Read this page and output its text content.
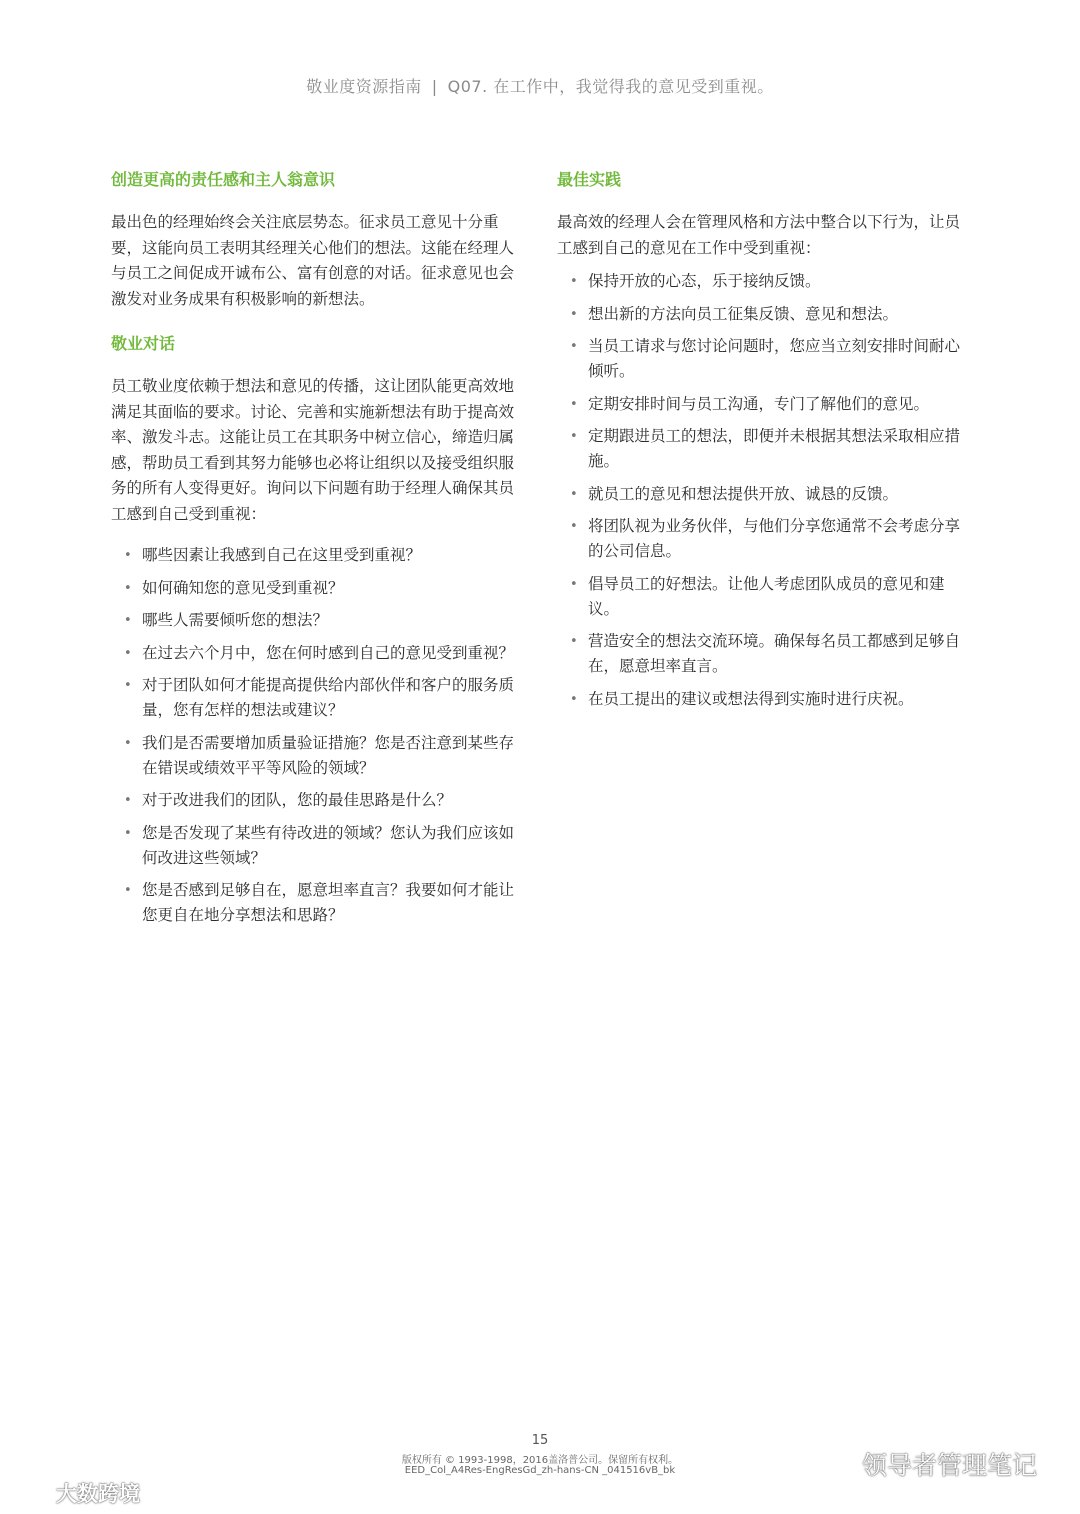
敬业度资源指南 | Q07. 在工作中，我觉得我的意见受到重视。
创造更高的责任感和主人翁意识

最出色的经理始终会关注底层势态。征求员工意见十分重要，这能向员工表明其经理关心他们的想法。这能在经理人与员工之间促成开诚布公、富有创意的对话。征求意见也会激发对业务成果有积极影响的新想法。

敬业对话

员工敬业度依赖于想法和意见的传播，这让团队能更高效地满足其面临的要求。讨论、完善和实施新想法有助于提高效率、激发斗志。这能让员工在其职务中树立信心，缔造归属感，帮助员工看到其努力能够也必将让组织以及接受组织服务的所有人变得更好。询问以下问题有助于经理人确保其员工感到自己受到重视：

• 哪些因素让我感到自己在这里受到重视？
• 如何确知您的意见受到重视？
• 哪些人需要倾听您的想法？
• 在过去六个月中，您在何时感到自己的意见受到重视？
• 对于团队如何才能提高提供给内部伙伴和客户的服务质量，您有怎样的想法或建议？
• 我们是否需要增加质量验证措施？您是否注意到某些存在错误或绩效平平等风险的领域？
• 对于改进我们的团队，您的最佳思路是什么？
• 您是否发现了某些有待改进的领域？您认为我们应该如何改进这些领域？
• 您是否感到足够自在，愿意坦率直言？我要如何才能让您更自在地分享想法和思路？
最佳实践

最高效的经理人会在管理风格和方法中整合以下行为，让员工感到自己的意见在工作中受到重视：

• 保持开放的心态，乐于接纳反馈。
• 想出新的方法向员工征集反馈、意见和想法。
• 当员工请求与您讨论问题时，您应当立刻安排时间耐心倾听。
• 定期安排时间与员工沟通，专门了解他们的意见。
• 定期跟进员工的想法，即便并未根据其想法采取相应措施。
• 就员工的意见和想法提供开放、诚恳的反馈。
• 将团队视为业务伙伴，与他们分享您通常不会考虑分享的公司信息。
• 倡导员工的好想法。让他人考虑团队成员的意见和建议。
• 营造安全的想法交流环境。确保每名员工都感到足够自在，愿意坦率直言。
• 在员工提出的建议或想法得到实施时进行庆祝。
15
版权所有 © 1993-1998，2016盖洛普公司。保留所有权利。
EED_Col_A4Res-EngResGd_zh-hans-CN _041516vB_bk
大数跨境
领导者管理笔记
